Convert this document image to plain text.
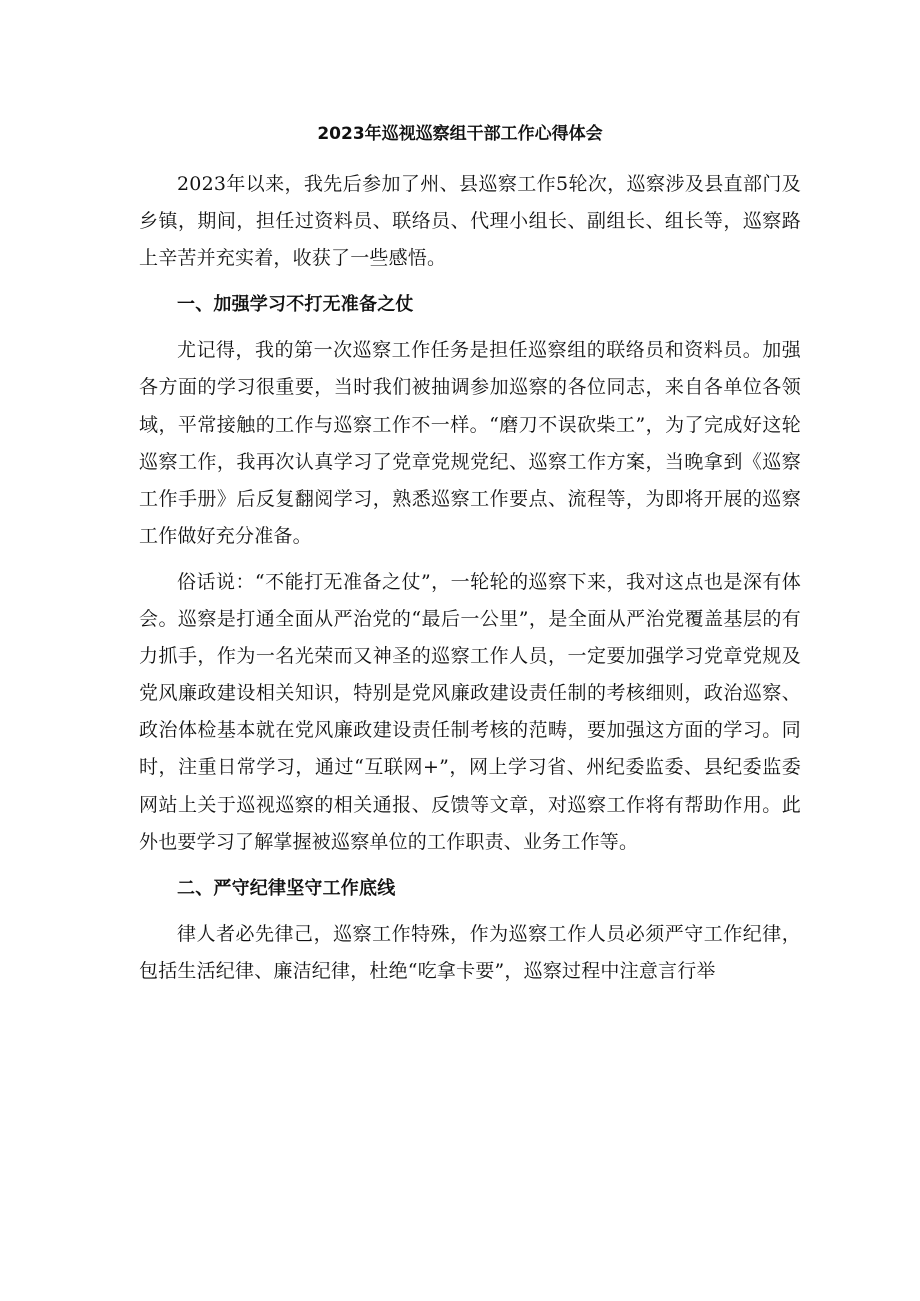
2023年巡视巡察组干部工作心得体会

2023年以来，我先后参加了州、县巡察工作5轮次，巡察涉及县直部门及乡镇，期间，担任过资料员、联络员、代理小组长、副组长、组长等，巡察路上辛苦并充实着，收获了一些感悟。

一、加强学习不打无准备之仗

尤记得，我的第一次巡察工作任务是担任巡察组的联络员和资料员。加强各方面的学习很重要，当时我们被抽调参加巡察的各位同志，来自各单位各领域，平常接触的工作与巡察工作不一样。“磨刀不误砍柴工”，为了完成好这轮巡察工作，我再次认真学习了党章党规党纪、巡察工作方案，当晚拿到《巡察工作手册》后反复翻阅学习，熟悉巡察工作要点、流程等，为即将开展的巡察工作做好充分准备。

俗话说：“不能打无准备之仗”，一轮轮的巡察下来，我对这点也是深有体会。巡察是打通全面从严治党的“最后一公里”，是全面从严治党覆盖基层的有力抓手，作为一名光荣而又神圣的巡察工作人员，一定要加强学习党章党规及党风廉政建设相关知识，特别是党风廉政建设责任制的考核细则，政治巡察、政治体检基本就在党风廉政建设责任制考核的范畴，要加强这方面的学习。同时，注重日常学习，通过“互联网+”，网上学习省、州纪委监委、县纪委监委网站上关于巡视巡察的相关通报、反馈等文章，对巡察工作将有帮助作用。此外也要学习了解掌握被巡察单位的工作职责、业务工作等。

二、严守纪律坚守工作底线

律人者必先律己，巡察工作特殊，作为巡察工作人员必须严守工作纪律，包括生活纪律、廉洁纪律，杜绝“吃拿卡要”，巡察过程中注意言行举
